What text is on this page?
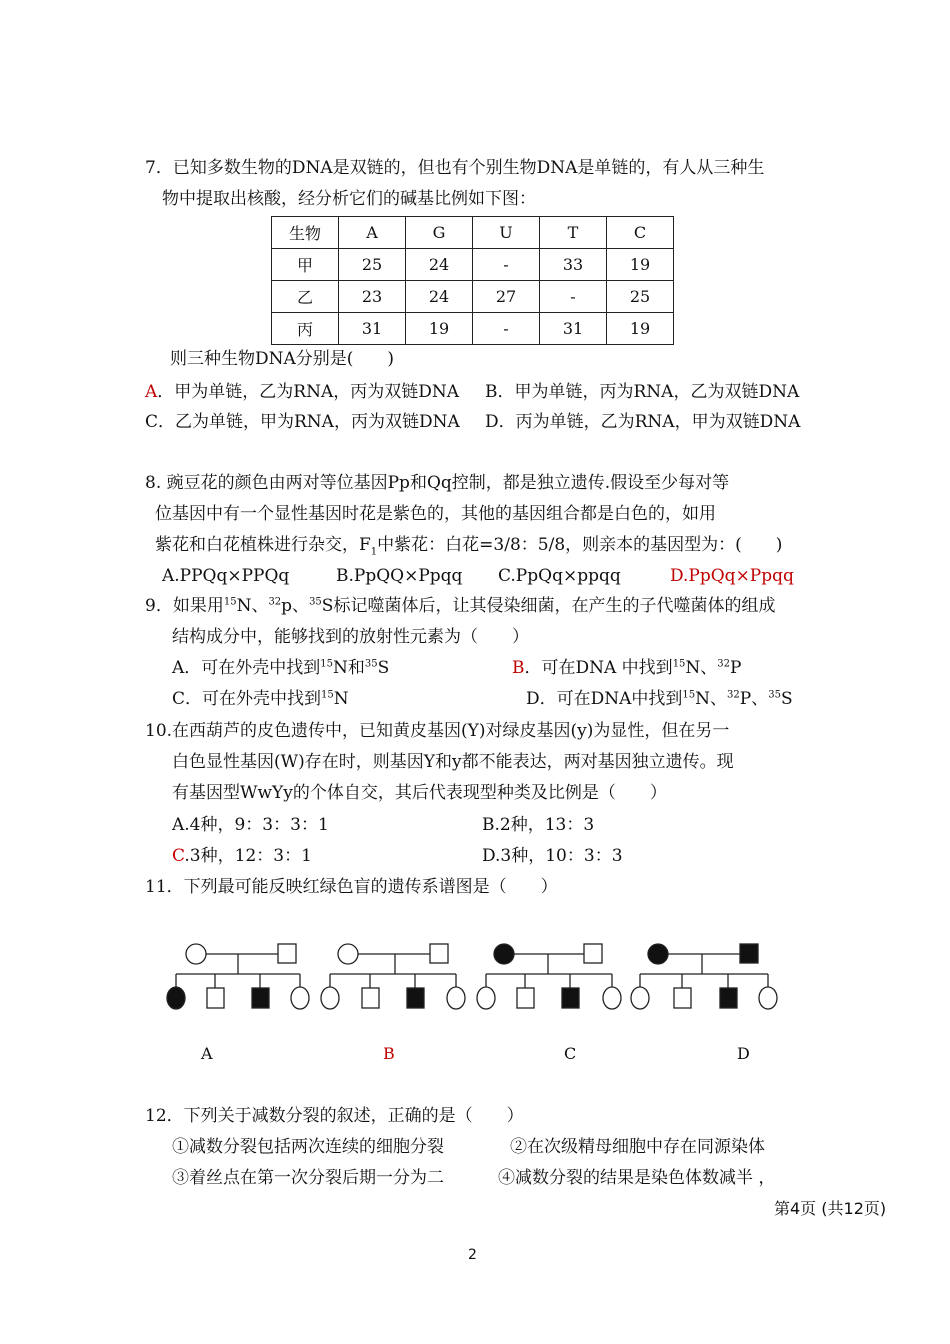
7．已知多数生物的DNA是双链的，但也有个别生物DNA是单链的，有人从三种生
物中提取出核酸，经分析它们的碱基比例如下图：
生物	A	G	U	T	C
甲	25	24	-	33	19
乙	23	24	27	-	25
丙	31	19	-	31	19
则三种生物DNA分别是(　　)
A．甲为单链，乙为RNA，丙为双链DNA B．甲为单链，丙为RNA，乙为双链DNA
C．乙为单链，甲为RNA，丙为双链DNA D．丙为单链，乙为RNA，甲为双链DNA
8. 豌豆花的颜色由两对等位基因Pp和Qq控制，都是独立遗传.假设至少每对等
位基因中有一个显性基因时花是紫色的，其他的基因组合都是白色的，如用
紫花和白花植株进行杂交，$F_1$中紫花：白花=3/8：5/8，则亲本的基因型为：(　　)
A.PPQq×PPQq	B.PpQQ×Ppqq C.PpQq×ppqq	D.PpQq×Ppqq
9．如果用$^{15}$N、$^{32}$p、$^{35}$S标记噬菌体后，让其侵染细菌，在产生的子代噬菌体的组成
结构成分中，能够找到的放射性元素为（　　）
A．可在外壳中找到$^{15}$N和$^{35}$S	B．可在DNA 中找到$^{15}$N、$^{32}$P
C．可在外壳中找到$^{15}$N	D．可在DNA中找到$^{15}$N、$^{32}$P、$^{35}$S
10.在西葫芦的皮色遗传中，已知黄皮基因(Y)对绿皮基因(y)为显性，但在另一
白色显性基因(W)存在时，则基因Y和y都不能表达，两对基因独立遗传。现
有基因型WwYy的个体自交，其后代表现型种类及比例是（　　）
A.4种，9：3：3：1	B.2种，13：3
C.3种，12：3：1	D.3种，10：3：3
11．下列最可能反映红绿色盲的遗传系谱图是（　　）
A	B	C	D
12．下列关于减数分裂的叙述，正确的是（　　）
①减数分裂包括两次连续的细胞分裂	②在次级精母细胞中存在同源染体
③着丝点在第一次分裂后期一分为二	④减数分裂的结果是染色体数减半 ，
第4页 (共12页)
2
